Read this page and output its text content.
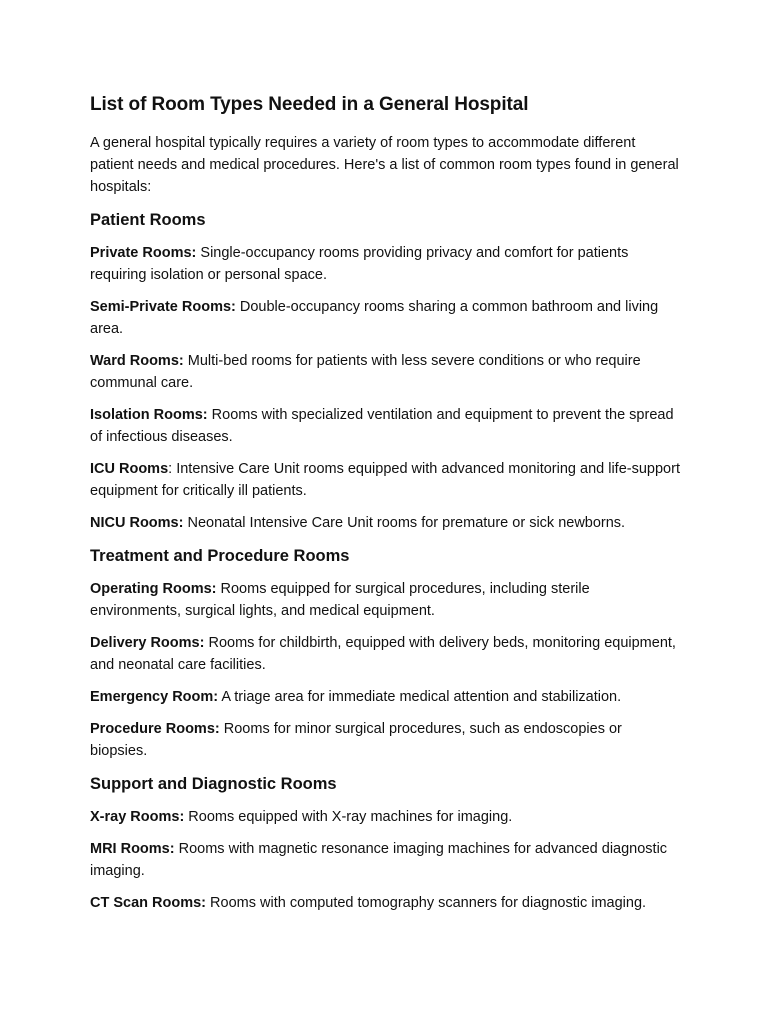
List of Room Types Needed in a General Hospital

A general hospital typically requires a variety of room types to accommodate different patient needs and medical procedures. Here's a list of common room types found in general hospitals:

Patient Rooms

Private Rooms: Single-occupancy rooms providing privacy and comfort for patients requiring isolation or personal space.

Semi-Private Rooms: Double-occupancy rooms sharing a common bathroom and living area.

Ward Rooms: Multi-bed rooms for patients with less severe conditions or who require communal care.

Isolation Rooms: Rooms with specialized ventilation and equipment to prevent the spread of infectious diseases.

ICU Rooms: Intensive Care Unit rooms equipped with advanced monitoring and life-support equipment for critically ill patients.

NICU Rooms: Neonatal Intensive Care Unit rooms for premature or sick newborns.

Treatment and Procedure Rooms

Operating Rooms: Rooms equipped for surgical procedures, including sterile environments, surgical lights, and medical equipment.

Delivery Rooms: Rooms for childbirth, equipped with delivery beds, monitoring equipment, and neonatal care facilities.

Emergency Room: A triage area for immediate medical attention and stabilization.

Procedure Rooms: Rooms for minor surgical procedures, such as endoscopies or biopsies.

Support and Diagnostic Rooms

X-ray Rooms: Rooms equipped with X-ray machines for imaging.

MRI Rooms: Rooms with magnetic resonance imaging machines for advanced diagnostic imaging.

CT Scan Rooms: Rooms with computed tomography scanners for diagnostic imaging.
